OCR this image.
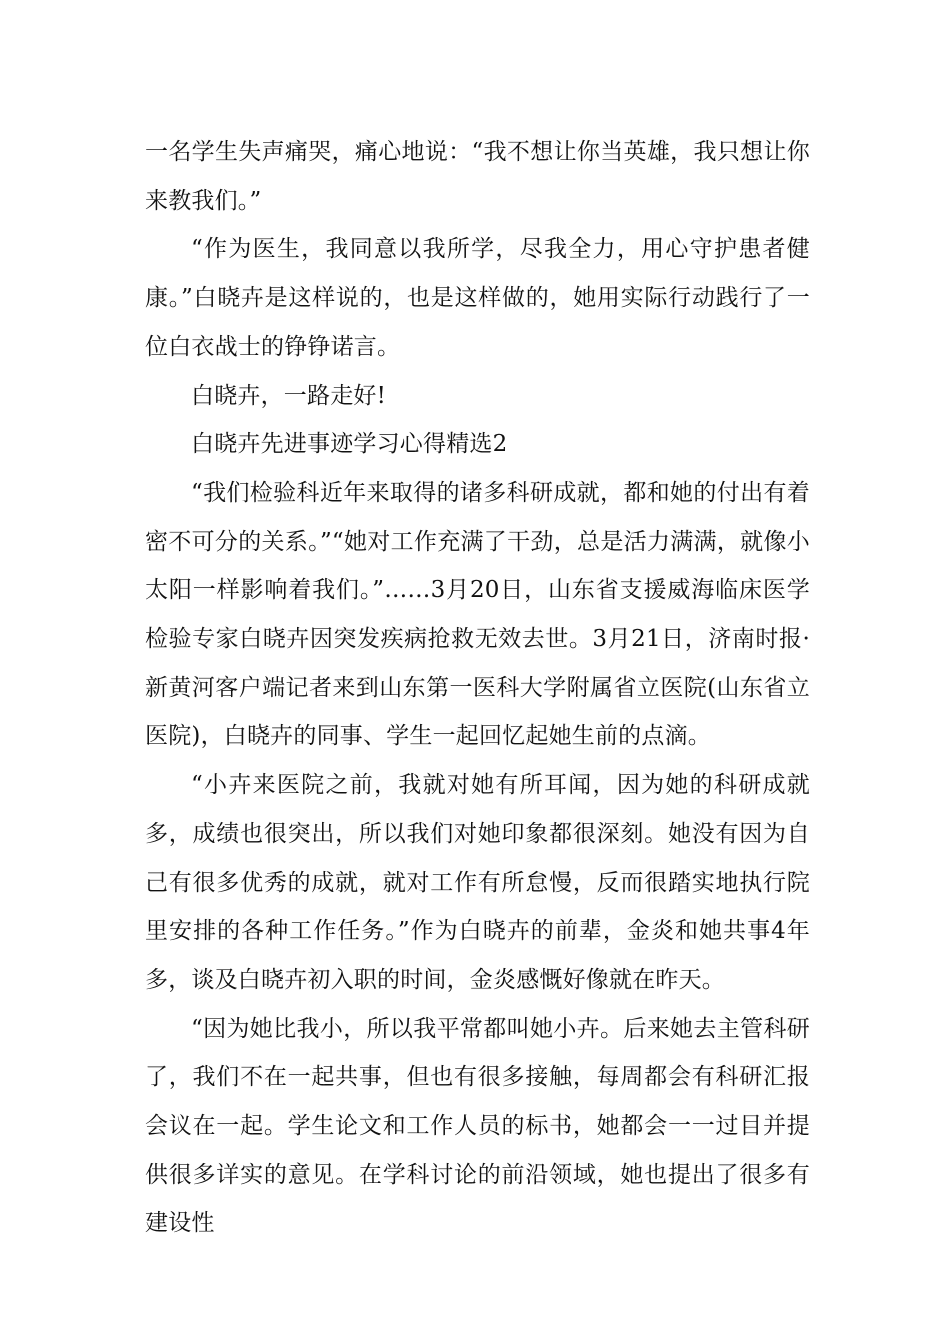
一名学生失声痛哭，痛心地说：“我不想让你当英雄，我只想让你来教我们。”

“作为医生，我同意以我所学，尽我全力，用心守护患者健康。”白晓卉是这样说的，也是这样做的，她用实际行动践行了一位白衣战士的铮铮诺言。

白晓卉，一路走好!

白晓卉先进事迹学习心得精选2

“我们检验科近年来取得的诸多科研成就，都和她的付出有着密不可分的关系。”“她对工作充满了干劲，总是活力满满，就像小太阳一样影响着我们。”……3月20日，山东省支援威海临床医学检验专家白晓卉因突发疾病抢救无效去世。3月21日，济南时报·新黄河客户端记者来到山东第一医科大学附属省立医院(山东省立医院)，白晓卉的同事、学生一起回忆起她生前的点滴。

“小卉来医院之前，我就对她有所耳闻，因为她的科研成就多，成绩也很突出，所以我们对她印象都很深刻。她没有因为自己有很多优秀的成就，就对工作有所怠慢，反而很踏实地执行院里安排的各种工作任务。”作为白晓卉的前辈，金炎和她共事4年多，谈及白晓卉初入职的时间，金炎感慨好像就在昨天。

“因为她比我小，所以我平常都叫她小卉。后来她去主管科研了，我们不在一起共事，但也有很多接触，每周都会有科研汇报会议在一起。学生论文和工作人员的标书，她都会一一过目并提供很多详实的意见。在学科讨论的前沿领域，她也提出了很多有建设性
